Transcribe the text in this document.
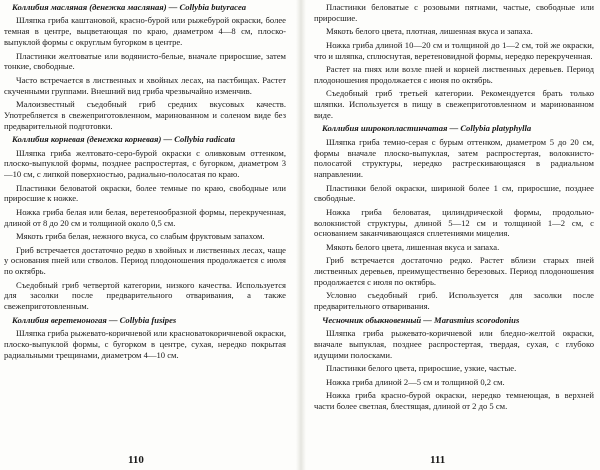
Коллибия масляная (денежка масляная) — Collybia butyracea

Шляпка гриба каштановой, красно-бурой или рыжебурой окраски, более темная в центре, выцветающая по краю, диаметром 4—8 см, плоско-выпуклой формы с округлым бугорком в центре.

Пластинки желтоватые или водянисто-белые, вначале приросшие, затем тонкие, свободные.

Часто встречается в лиственных и хвойных лесах, на пастбищах. Растет скученными группами. Внешний вид гриба чрезвычайно изменчив.

Малоизвестный съедобный гриб средних вкусовых качеств. Употребляется в свежеприготовленном, маринованном и соленом виде без предварительной подготовки.

Коллибия корневая (денежка корневая) — Collybia radicata

Шляпка гриба желтовато-серо-бурой окраски с оливковым оттенком, плоско-выпуклой формы, позднее распростертая, с бугорком, диаметром 3—10 см, с липкой поверхностью, радиально-полосатая по краю.

Пластинки беловатой окраски, более темные по краю, свободные или приросшие к ножке.

Ножка гриба белая или белая, веретенообразной формы, перекрученная, длиной от 8 до 20 см и толщиной около 0,5 см.

Мякоть гриба белая, нежного вкуса, со слабым фруктовым запахом.

Гриб встречается достаточно редко в хвойных и лиственных лесах, чаще у основания пней или стволов. Период плодоношения продолжается с июля по октябрь.

Съедобный гриб четвертой категории, низкого качества. Используется для засолки после предварительного отваривания, а также свежеприготовленным.

Коллибия веретеноногая — Collybia fusipes

Шляпка гриба рыжевато-коричневой или красноватокоричневой окраски, плоско-выпуклой формы, с бугорком в центре, сухая, нередко покрытая радиальными трещинами, диаметром 4—10 см.

Пластинки беловатые с розовыми пятнами, частые, свободные или приросшие.

Мякоть белого цвета, плотная, лишенная вкуса и запаха.

Ножка гриба длиной 10—20 см и толщиной до 1—2 см, той же окраски, что и шляпка, сплюснутая, веретеновидной формы, нередко перекрученная.

Растет на пнях или возле пней и корней лиственных деревьев. Период плодоношения продолжается с июня по октябрь.

Съедобный гриб третьей категории. Рекомендуется брать только шляпки. Используется в пищу в свежеприготовленном и маринованном виде.

Коллибия широкопластинчатая — Collybia platyphylla

Шляпка гриба темно-серая с бурым оттенком, диаметром 5 до 20 см, формы вначале плоско-выпуклая, затем распростертая, волокнисто-полосатой структуры, нередко растрескивающаяся в радиальном направлении.

Пластинки белой окраски, шириной более 1 см, приросшие, позднее свободные.

Ножка гриба беловатая, цилиндрической формы, продольно-волокнистой структуры, длиной 5—12 см и толщиной 1—2 см, с основанием заканчивающаяся сплетениями мицелия.

Мякоть белого цвета, лишенная вкуса и запаха.

Гриб встречается достаточно редко. Растет вблизи старых пней лиственных деревьев, преимущественно березовых. Период плодоношения продолжается с июля по октябрь.

Условно съедобный гриб. Используется для засолки после предварительного отваривания.

Чесночник обыкновенный — Marasmius scorodonius

Шляпка гриба рыжевато-коричневой или бледно-желтой окраски, вначале выпуклая, позднее распростертая, твердая, сухая, с глубоко идущими полосками.

Пластинки белого цвета, приросшие, узкие, частые.

Ножка гриба длиной 2—5 см и толщиной 0,2 см.

Ножка гриба красно-бурой окраски, нередко темнеющая, в верхней части более светлая, блестящая, длиной от 2 до 5 см.

110	111
